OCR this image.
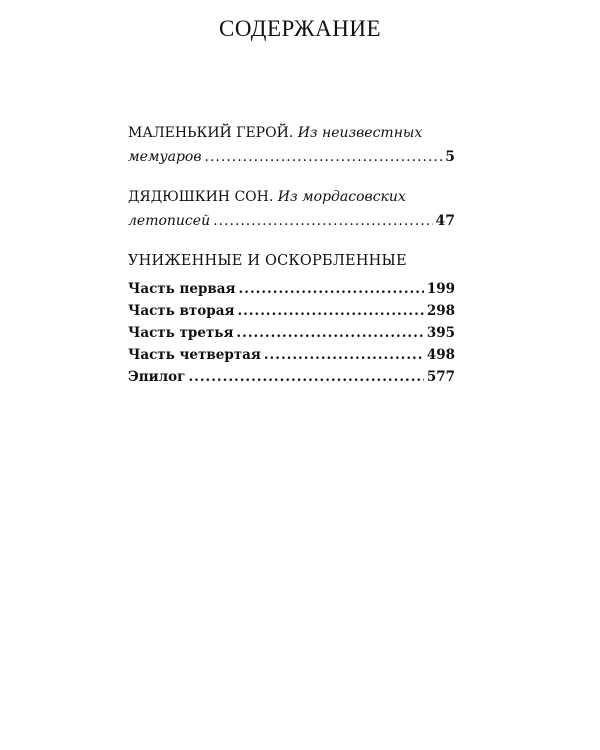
СОДЕРЖАНИЕ
МАЛЕНЬКИЙ ГЕРОЙ. Из неизвестных
мемуаров .....	5
ДЯДЮШКИН СОН. Из мордасовских
летописей .....	47
УНИЖЕННЫЕ И ОСКОРБЛЕННЫЕ
Часть первая .....	199
Часть вторая .....	298
Часть третья .....	395
Часть четвертая .....	498
Эпилог .....	577
